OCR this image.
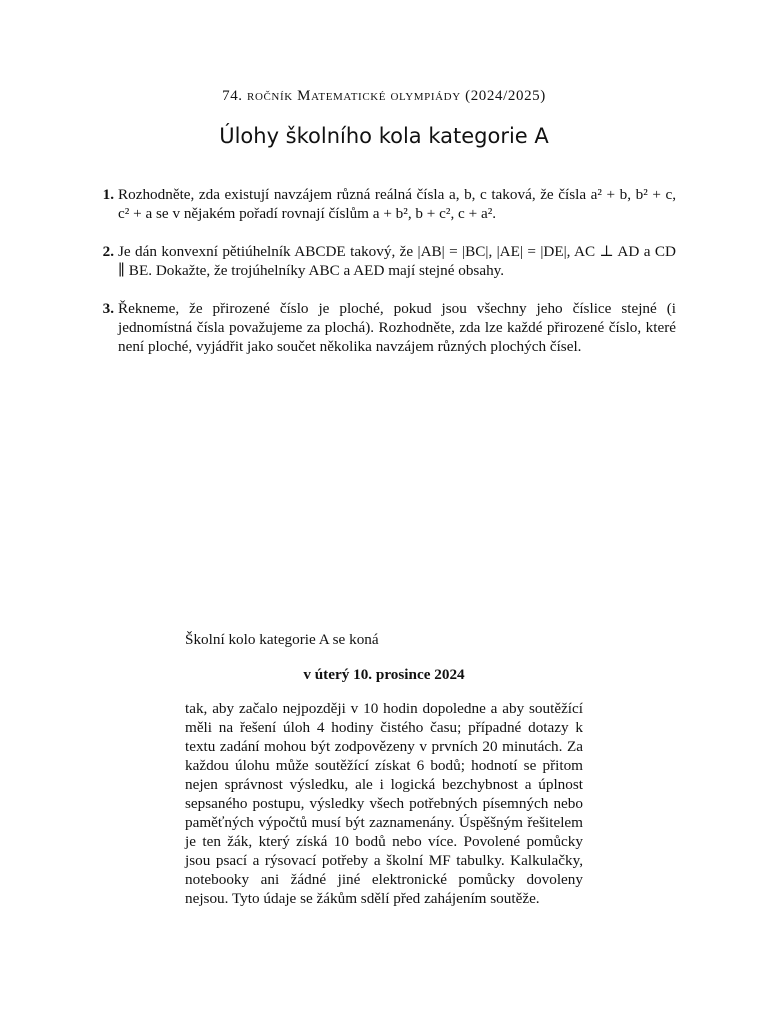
74. ročník Matematické olympiády (2024/2025)
Úlohy školního kola kategorie A
1. Rozhodněte, zda existují navzájem různá reálná čísla a, b, c taková, že čísla a² + b, b² + c, c² + a se v nějakém pořadí rovnají číslům a + b², b + c², c + a².
2. Je dán konvexní pětiúhelník ABCDE takový, že |AB| = |BC|, |AE| = |DE|, AC ⊥ AD a CD ∥ BE. Dokažte, že trojúhelníky ABC a AED mají stejné obsahy.
3. Řekneme, že přirozené číslo je ploché, pokud jsou všechny jeho číslice stejné (i jednomístná čísla považujeme za plochá). Rozhodněte, zda lze každé přirozené číslo, které není ploché, vyjádřit jako součet několika navzájem různých plochých čísel.

Školní kolo kategorie A se koná

v úterý 10. prosince 2024

tak, aby začalo nejpozději v 10 hodin dopoledne a aby soutěžící měli na řešení úloh 4 hodiny čistého času; případné dotazy k textu zadání mohou být zodpovězeny v prvních 20 minutách. Za každou úlohu může soutěžící získat 6 bodů; hodnotí se přitom nejen správnost výsledku, ale i logická bezchybnost a úplnost sepsaného postupu, výsledky všech potřebných písemných nebo paměťných výpočtů musí být zaznamenány. Úspěšným řešitelem je ten žák, který získá 10 bodů nebo více. Povolené pomůcky jsou psací a rýsovací potřeby a školní MF tabulky. Kalkulačky, notebooky ani žádné jiné elektronické pomůcky dovoleny nejsou. Tyto údaje se žákům sdělí před zahájením soutěže.
